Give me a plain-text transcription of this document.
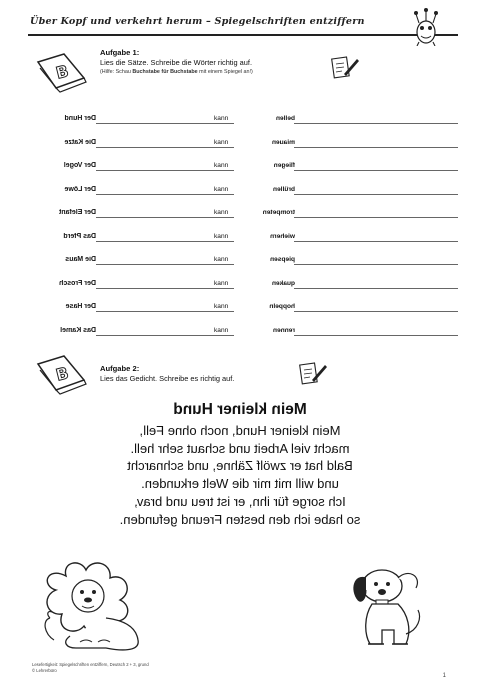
Über Kopf und verkehrt herum – Spiegelschriften entziffern
B

Aufgabe 1:

Lies die Sätze. Schreibe die Wörter richtig auf.

(Hilfe: Schau Buchstabe für Buchstabe mit einem Spiegel an!)

Der Hund	kann	bellen
Die Katze	kann	miauen
Der Vogel	kann	fliegen
Der Löwe	kann	brüllen
Der Elefant	kann	trompeten
Das Pferd	kann	wiehern
Die Maus	kann	piepsen
Der Frosch	kann	quaken
Der Hase	kann	hoppeln
Das Kamel	kann	rennen
B	Aufgabe 2:

Lies das Gedicht. Schreibe es richtig auf.

Mein kleiner Hund

Mein kleiner Hund, noch ohne Fell,

macht viel Arbeit und schaut sehr hell.

Bald hat er zwölf Zähne, und schnarcht

und will mit mir die Welt erkunden.

Ich sorge für ihn, er ist treu und brav,

so habe ich den besten Freund gefunden.

Lesefertigkeit: Spiegelschriften entziffern, Deutsch 2 + 3, grund
© Lehrerbüro
1
